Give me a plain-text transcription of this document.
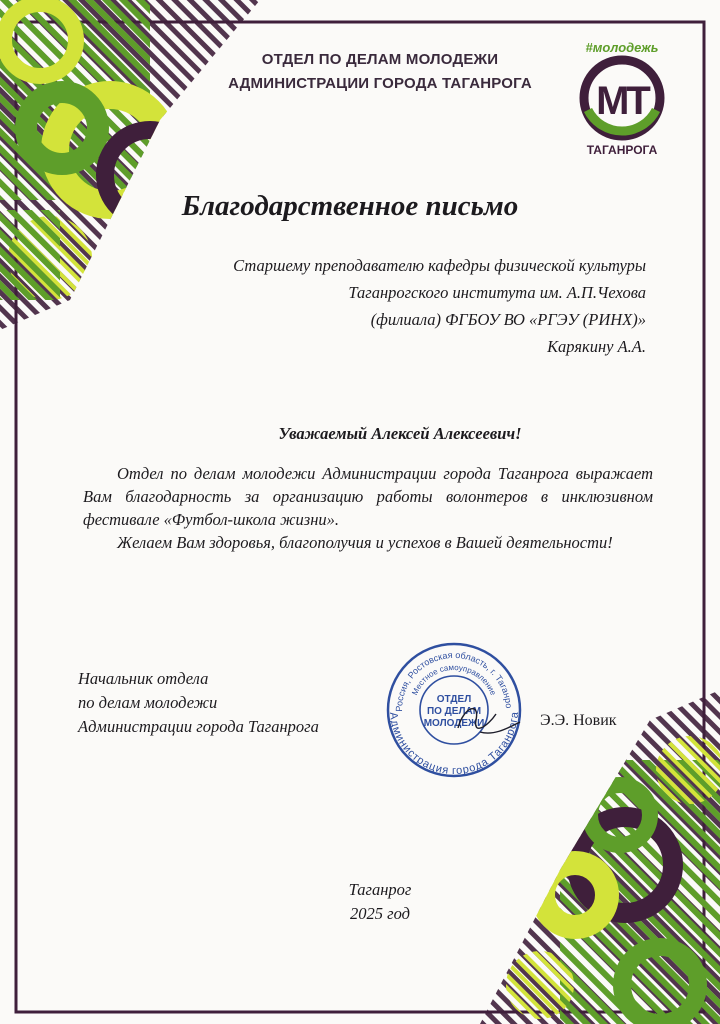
ОТДЕЛ ПО ДЕЛАМ МОЛОДЕЖИ
АДМИНИСТРАЦИИ ГОРОДА ТАГАНРОГА
#молодежь
МТ
ТАГАНРОГА
Благодарственное письмо
Старшему преподавателю кафедры физической культуры
Таганрогского института им. А.П.Чехова
(филиала) ФГБОУ ВО «РГЭУ (РИНХ)»
Карякину А.А.
Уважаемый Алексей Алексеевич!

Отдел по делам молодежи Администрации города Таганрога выражает Вам благодарность за организацию работы волонтеров в инклюзивном фестивале «Футбол-школа жизни».

Желаем Вам здоровья, благополучия и успехов в Вашей деятельности!

Начальник отдела
по делам молодежи
Администрации города Таганрога
Россия, Ростовская область, г. Таганро
Местное самоуправление
Администрация города Таганрога
ОТДЕЛ
ПО ДЕЛАМ
МОЛОДЕЖИ	Э.Э. Новик
Таганрог
2025 год
